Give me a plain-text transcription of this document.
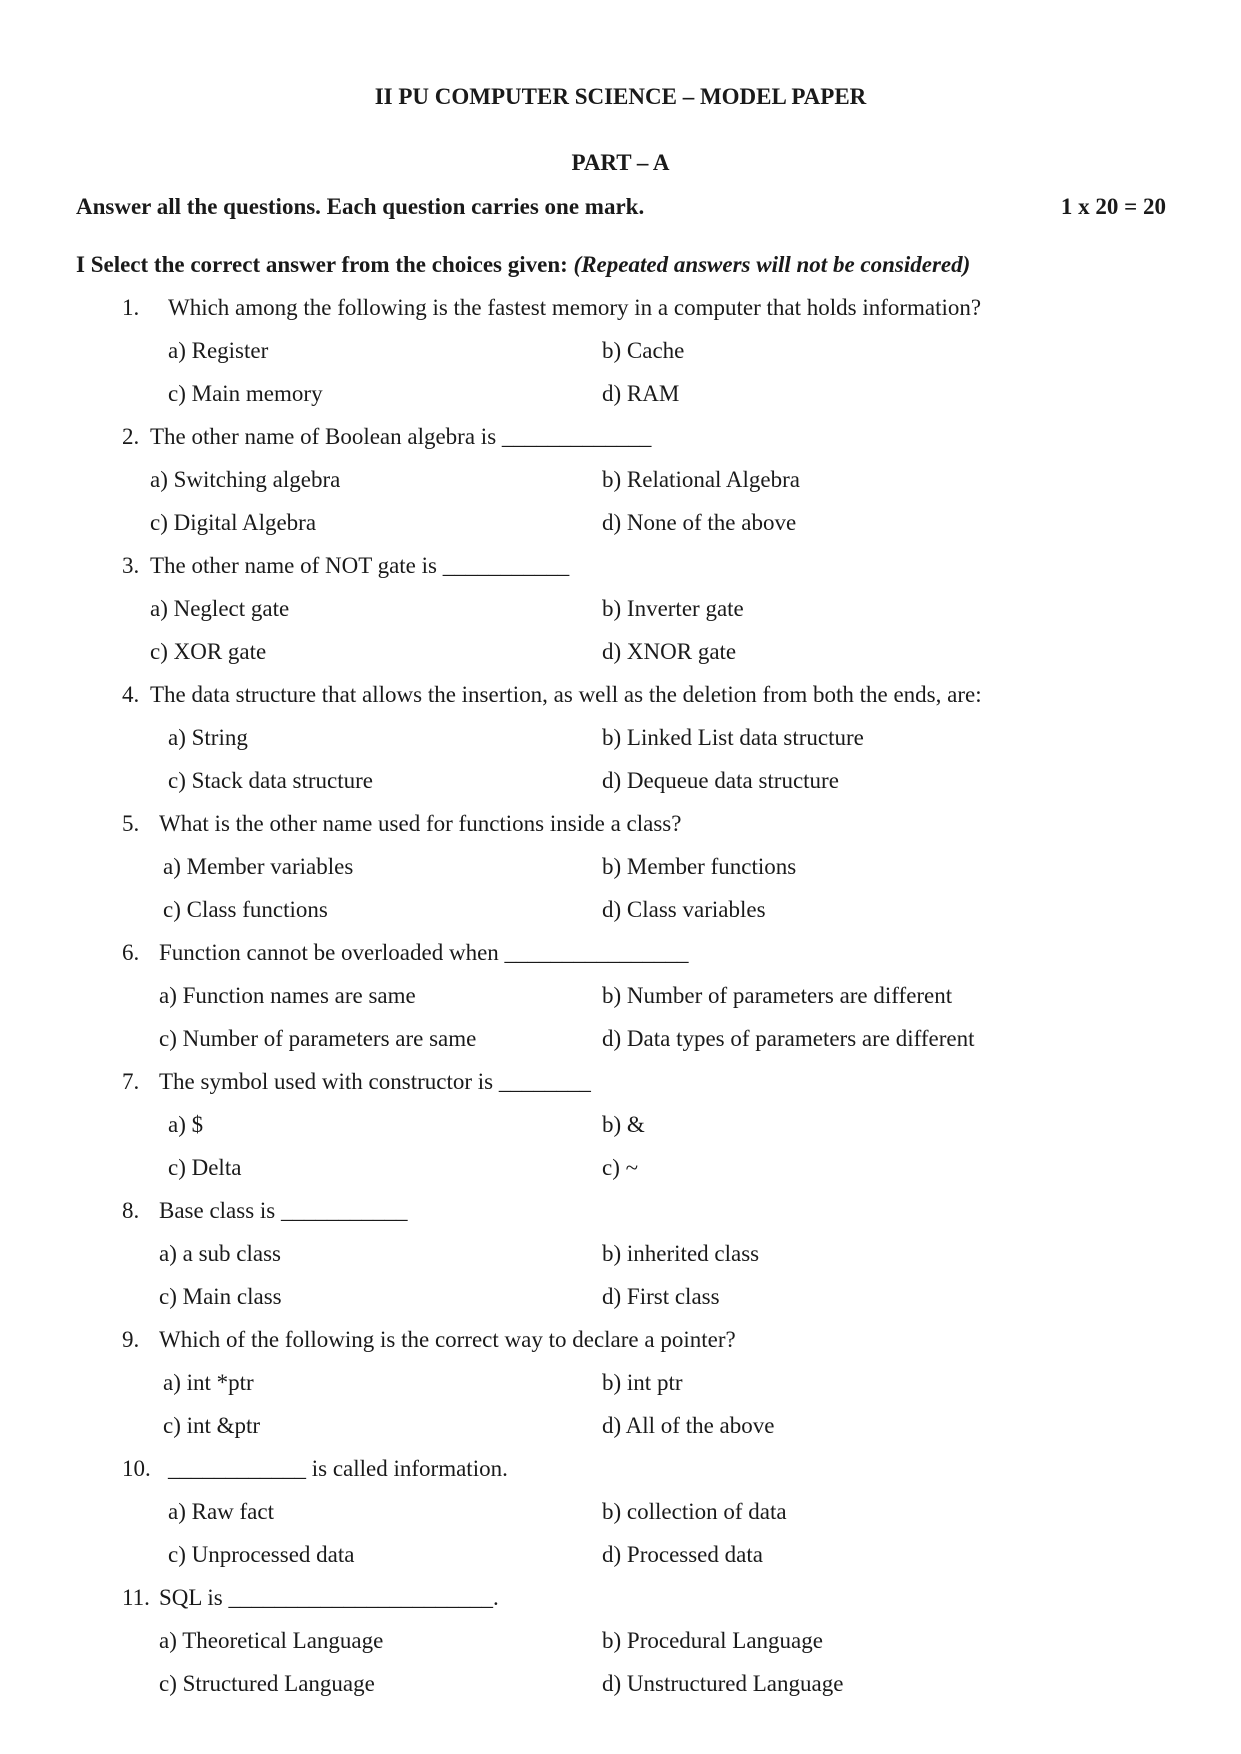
II PU COMPUTER SCIENCE – MODEL PAPER
PART – A
Answer all the questions. Each question carries one mark.	1 x 20 = 20
I Select the correct answer from the choices given: (Repeated answers will not be considered)
1. Which among the following is the fastest memory in a computer that holds information?
a) Register	b) Cache
c) Main memory	d) RAM
2. The other name of Boolean algebra is _____________
a) Switching algebra	b) Relational Algebra
c) Digital Algebra	d) None of the above
3. The other name of NOT gate is ___________
a) Neglect gate	b) Inverter gate
c) XOR gate	d) XNOR gate
4. The data structure that allows the insertion, as well as the deletion from both the ends, are:
a) String	b) Linked List data structure
c) Stack data structure	d) Dequeue data structure
5. What is the other name used for functions inside a class?
a) Member variables	b) Member functions
c) Class functions	d) Class variables
6. Function cannot be overloaded when ________________
a) Function names are same	b) Number of parameters are different
c) Number of parameters are same	d) Data types of parameters are different
7. The symbol used with constructor is ________
a) $	b) &
c) Delta	c) ~
8. Base class is ___________
a) a sub class	b) inherited class
c) Main class	d) First class
9. Which of the following is the correct way to declare a pointer?
a) int *ptr	b) int ptr
c) int &ptr	d) All of the above
10. ____________ is called information.
a) Raw fact	b) collection of data
c) Unprocessed data	d) Processed data
11. SQL is _______________________.
a) Theoretical Language	b) Procedural Language
c) Structured Language	d) Unstructured Language
